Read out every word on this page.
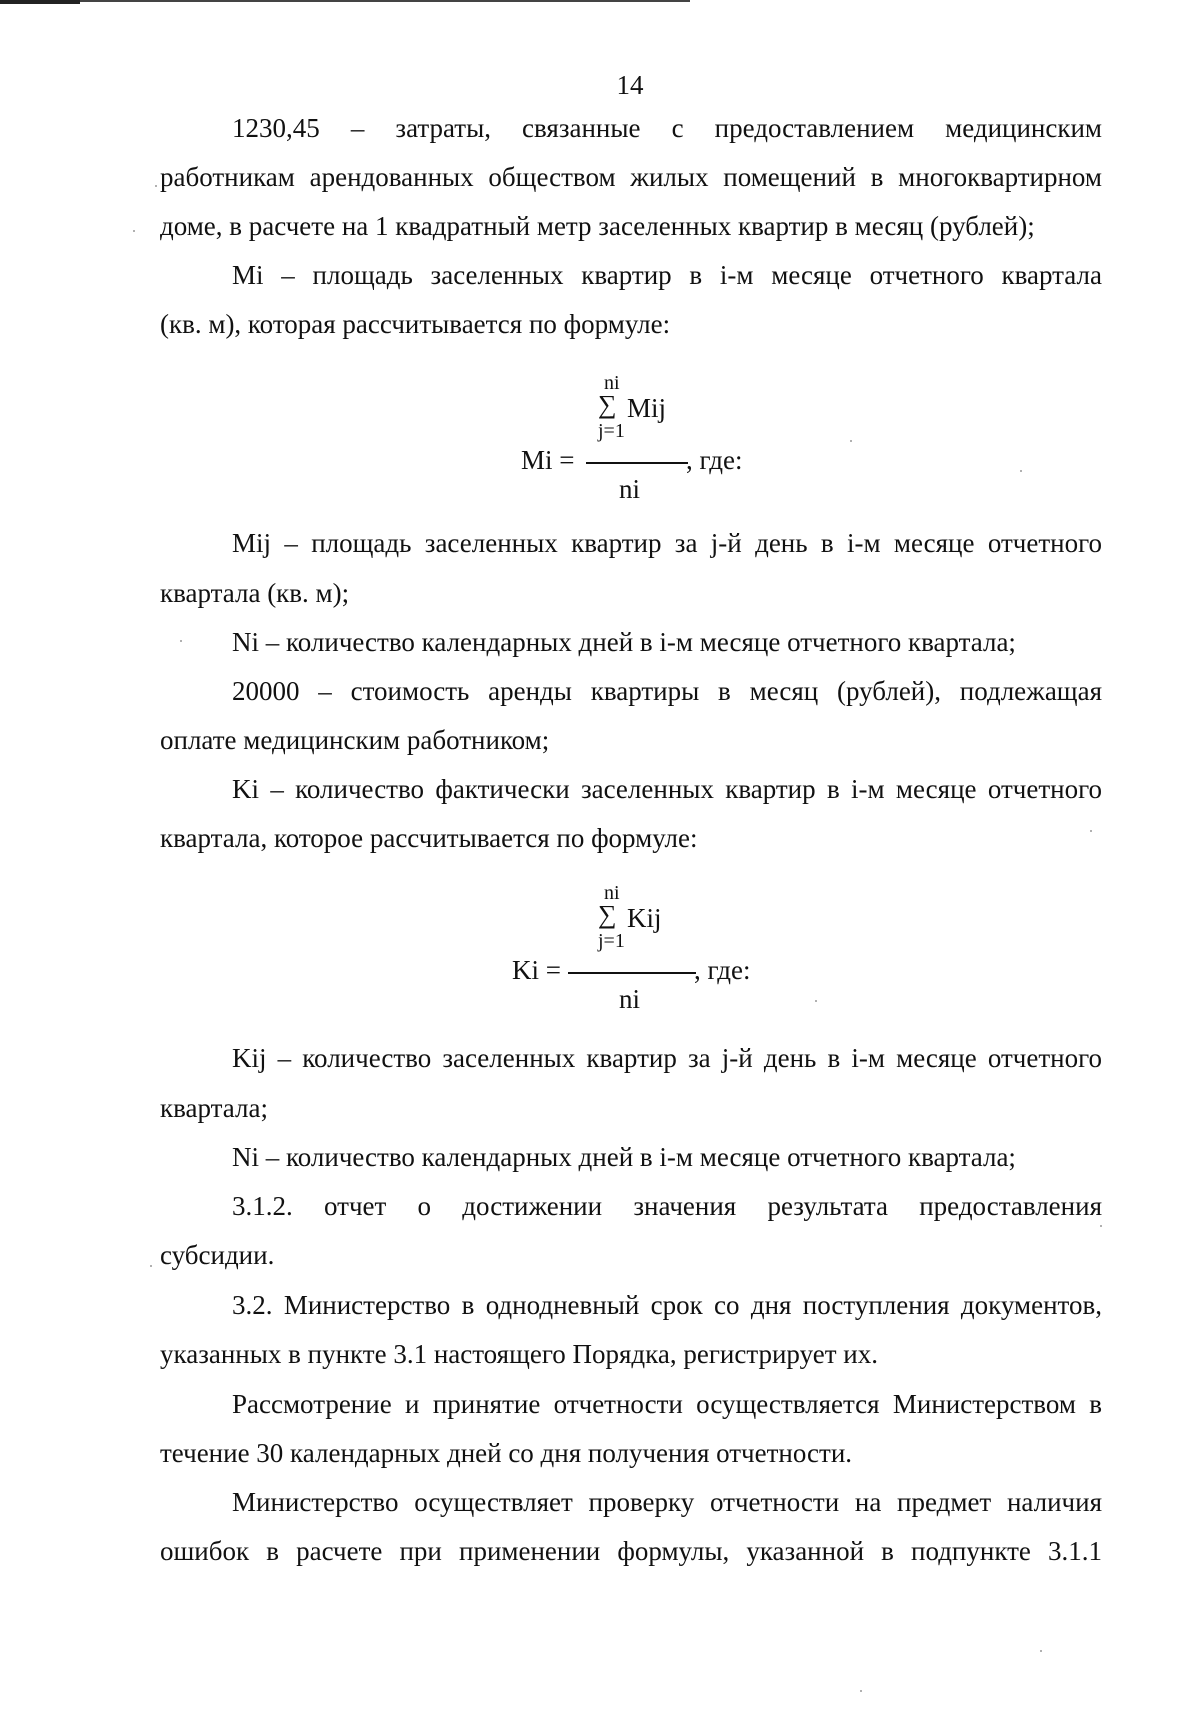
14
1230,45 – затраты, связанные с предоставлением медицинским
работникам арендованных обществом жилых помещений в многоквартирном
доме, в расчете на 1 квадратный метр заселенных квартир в месяц (рублей);
Mi – площадь заселенных квартир в i-м месяце отчетного квартала
(кв. м), которая рассчитывается по формуле:
ni
∑ Mij
j=1
Mi =	, где:
ni
Mij – площадь заселенных квартир за j-й день в i-м месяце отчетного
квартала (кв. м);
Ni – количество календарных дней в i-м месяце отчетного квартала;
20000 – стоимость аренды квартиры в месяц (рублей), подлежащая
оплате медицинским работником;
Ki – количество фактически заселенных квартир в i-м месяце отчетного
квартала, которое рассчитывается по формуле:
ni
∑ Kij
j=1
Ki =	, где:
ni
Kij – количество заселенных квартир за j-й день в i-м месяце отчетного
квартала;
Ni – количество календарных дней в i-м месяце отчетного квартала;
3.1.2. отчет о достижении значения результата предоставления
субсидии.
3.2. Министерство в однодневный срок со дня поступления документов,
указанных в пункте 3.1 настоящего Порядка, регистрирует их.
Рассмотрение и принятие отчетности осуществляется Министерством в
течение 30 календарных дней со дня получения отчетности.
Министерство осуществляет проверку отчетности на предмет наличия
ошибок в расчете при применении формулы, указанной в подпункте 3.1.1
